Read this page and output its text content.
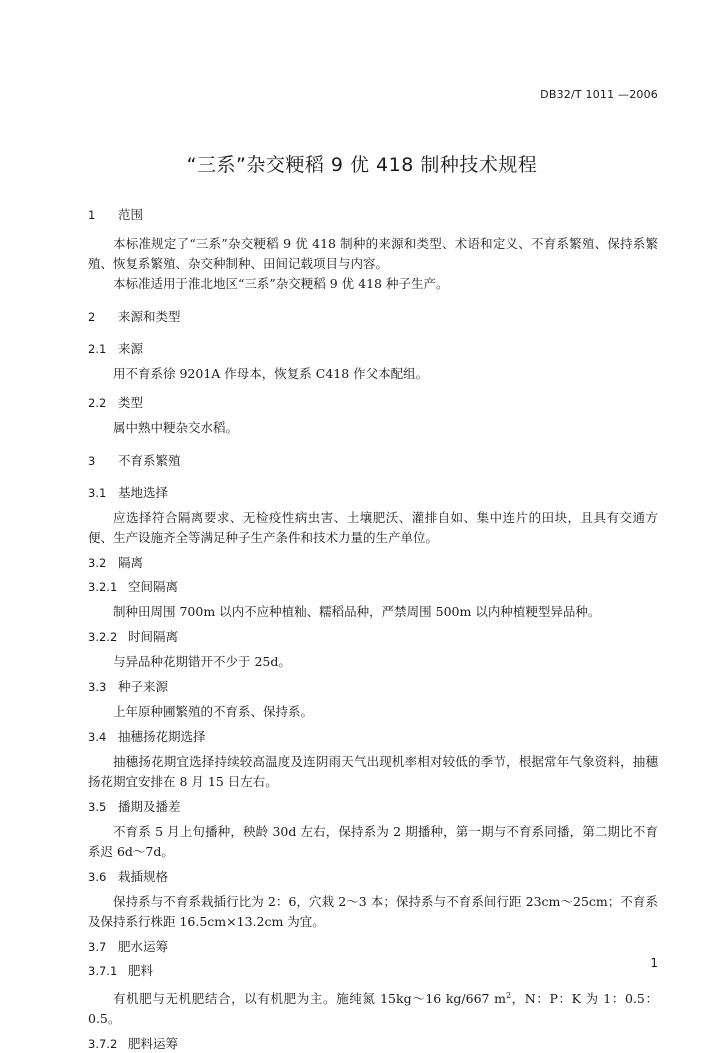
DB32/T 1011 —2006
“三系”杂交粳稻 9 优 418 制种技术规程
1	范围

本标准规定了“三系”杂交粳稻 9 优 418 制种的来源和类型、术语和定义、不育系繁殖、保持系繁殖、恢复系繁殖、杂交种制种、田间记载项目与内容。

本标准适用于淮北地区“三系”杂交粳稻 9 优 418 种子生产。

2	来源和类型
2.1 来源

用不育系徐 9201A 作母本，恢复系 C418 作父本配组。

2.2 类型

属中熟中粳杂交水稻。

3	不育系繁殖
3.1 基地选择

应选择符合隔离要求、无检疫性病虫害、土壤肥沃、灌排自如、集中连片的田块，且具有交通方便、生产设施齐全等满足种子生产条件和技术力量的生产单位。

3.2 隔离
3.2.1 空间隔离

制种田周围 700m 以内不应种植籼、糯稻品种，严禁周围 500m 以内种植粳型异品种。

3.2.2 时间隔离

与异品种花期错开不少于 25d。

3.3 种子来源

上年原种圃繁殖的不育系、保持系。

3.4 抽穗扬花期选择

抽穗扬花期宜选择持续较高温度及连阴雨天气出现机率相对较低的季节，根据常年气象资料，抽穗扬花期宜安排在 8 月 15 日左右。

3.5 播期及播差

不育系 5 月上旬播种，秧龄 30d 左右，保持系为 2 期播种，第一期与不育系同播，第二期比不育系迟 6d～7d。

3.6 栽插规格

保持系与不育系栽插行比为 2：6，穴栽 2～3 本；保持系与不育系间行距 23cm～25cm；不育系及保持系行株距 16.5cm×13.2cm 为宜。

3.7 肥水运筹
3.7.1 肥料

有机肥与无机肥结合，以有机肥为主。施纯氮 15kg～16 kg/667 $m^2$，N：P：K 为 1：0.5：0.5。

3.7.2 肥料运筹
1
